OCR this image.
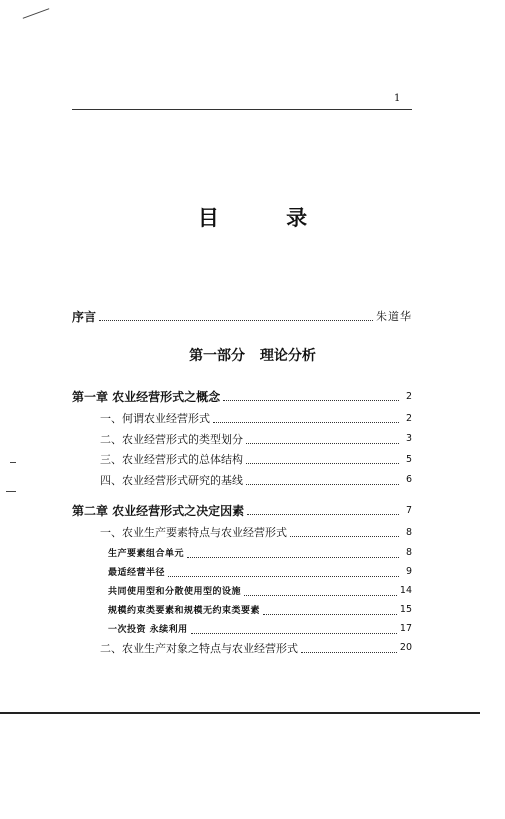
1
目 录
序言	朱道华
第一部分 理论分析
第一章 农业经营形式之概念	2
一、何谓农业经营形式	2
二、农业经营形式的类型划分	3
三、农业经营形式的总体结构	5
四、农业经营形式研究的基线	6
第二章 农业经营形式之决定因素	7
一、农业生产要素特点与农业经营形式	8
生产要素组合单元	8
最适经营半径	9
共同使用型和分散使用型的设施	14
规模约束类要素和规模无约束类要素	15
一次投资 永续利用	17
二、农业生产对象之特点与农业经营形式	20
